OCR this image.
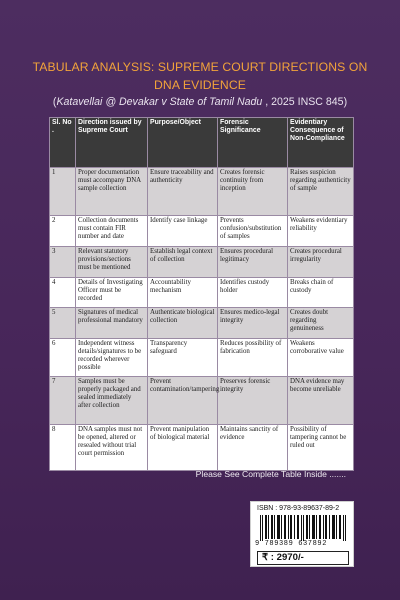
TABULAR ANALYSIS: SUPREME COURT DIRECTIONS ON
DNA EVIDENCE
(Katavellai @ Devakar v State of Tamil Nadu , 2025 INSC 845)
Sl. No .	Direction issued by Supreme Court	Purpose/Object	Forensic Significance	Evidentiary Consequence of Non-Compliance
1	Proper documentation must accompany DNA sample collection	Ensure traceability and authenticity	Creates forensic continuity from inception	Raises suspicion regarding authenticity of sample
2	Collection documents must contain FIR number and date	Identify case linkage	Prevents confusion/substitution of samples	Weakens evidentiary reliability
3	Relevant statutory provisions/sections must be mentioned	Establish legal context of collection	Ensures procedural legitimacy	Creates procedural irregularity
4	Details of Investigating Officer must be recorded	Accountability mechanism	Identifies custody holder	Breaks chain of custody
5	Signatures of medical professional mandatory	Authenticate biological collection	Ensures medico-legal integrity	Creates doubt regarding genuineness
6	Independent witness details/signatures to be recorded wherever possible	Transparency safeguard	Reduces possibility of fabrication	Weakens corroborative value
7	Samples must be properly packaged and sealed immediately after collection	Prevent contamination/tampering	Preserves forensic integrity	DNA evidence may become unreliable
8	DNA samples must not be opened, altered or resealed without trial court permission	Prevent manipulation of biological material	Maintains sanctity of evidence	Possibility of tampering cannot be ruled out
Please See Complete Table Inside .......
ISBN : 978-93-89637-89-2
9 789389 637892
₹ : 2970/-
